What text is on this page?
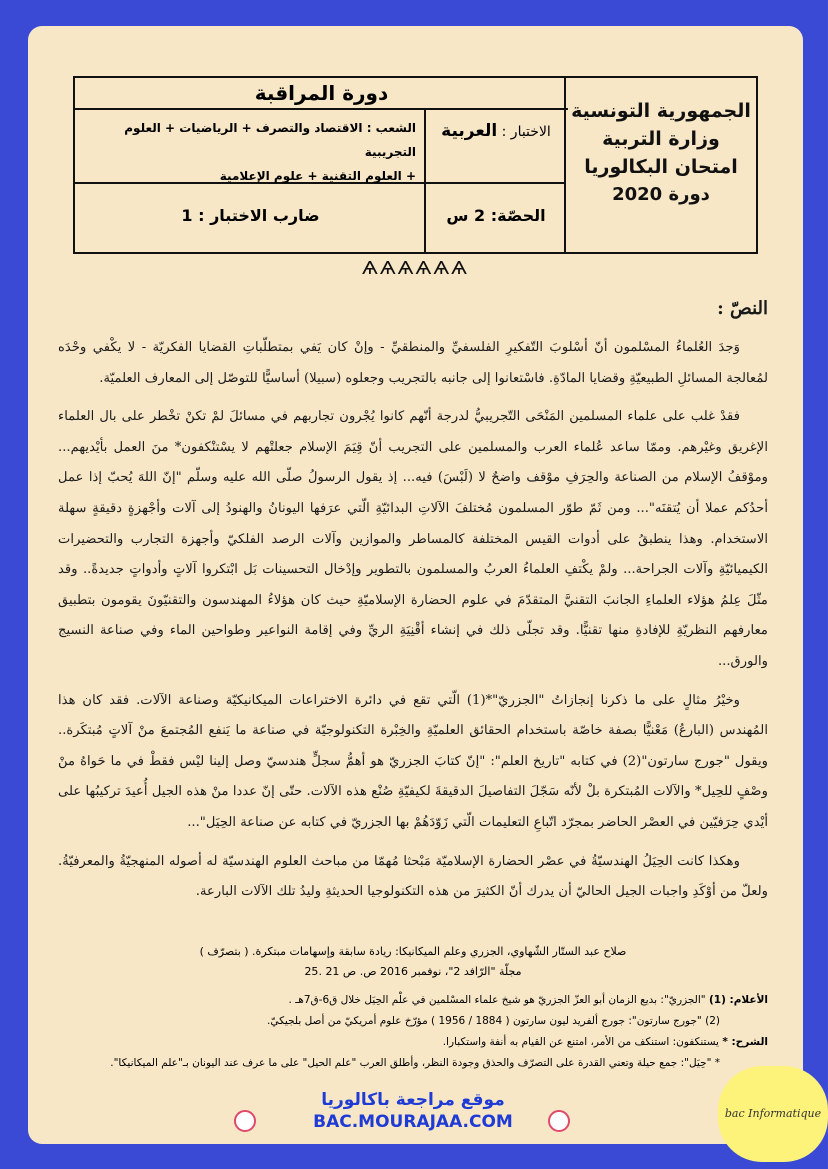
الجمهورية التونسية
وزارة التربية
امتحان البكالوريا
دورة 2020
دورة المراقبة
الاختبار : العربية
الشعب : الاقتصاد والتصرف + الرياضيات + العلوم التجريبية
+ العلوم التقنية + علوم الإعلامية
الحصّة: 2 س
ضارب الاختبار : 1
ѦѦѦѦѦѦ
النصّ :

وَجدَ العُلماءُ المسْلمون أنّ أسْلوبَ التّفكيرِ الفلسفيِّ والمنطقيِّ - وإنْ كان يَفي بمتطلّباتِ القضايا الفكريّة - لا يكْفي وحْدَه لمُعالجة المسائلِ الطبيعيّةِ وقضايا المادّةِ. فاسْتعانوا إلى جانبه بالتجريب وجعلوه (سبيلا) أساسيًّا للتوصّل إلى المعارف العلميّة.

فقدْ غلب على علماء المسلمين المَنْحَى التّجريبيُّ لدرجة أنّهم كانوا يُجْرون تجاربهم في مسائلَ لمْ تكنْ تخْطر على بال العلماء الإغريق وغيْرهم. وممّا ساعد عُلماء العرب والمسلمين على التجريب أنّ قِيَمَ الإسلام جعلتْهم لا يسْتنْكفون* منَ العمل بأيْديهم... وموْقفُ الإسلام من الصناعة والحِرَفِ موْقف واضحٌ لا (لَبْسَ) فيه... إذ يقول الرسولُ صلّى الله عليه وسلّم "إنّ اللهَ يُحبّ إذا عمل أحدُكم عملا أن يُتقنَه"... ومن ثَمّ طوّر المسلمون مُختلفَ الآلاتِ البدائيّةِ الّتي عرَفها اليونانُ والهنودُ إلى آلات وأجْهزةٍ دقيقةٍ سهلة الاستخدام. وهذا ينطبقُ على أدوات القيس المختلفة كالمساطر والموازين وآلات الرصد الفلكيّ وأجهزة التجارب والتحضيرات الكيميائيّةِ وآلات الجراحة... ولمْ يكْتفِ العلماءُ العربُ والمسلمون بالتطوير وإدْخال التحسينات بَل ابْتكروا آلاتٍ وأدواتٍ جديدةً.. وقد مثّلَ عِلمُ هؤلاء العلماءِ الجانبَ التقنيَّ المتقدّمَ في علوم الحضارة الإسلاميّةِ حيث كان هؤلاءُ المهندسون والتقنيّونَ يقومون بتطبيق معارفهم النظريّةِ للإفادةِ منها تقنيًّا. وقد تجلّى ذلك في إنشاء أقْنِيَةِ الريِّ وفي إقامة النواعير وطواحين الماء وفي صناعة النسيج والورق...

وخيْرُ مثالٍ على ما ذكرنا إنجازاتُ "الجزريّ"*(1) الّتي تقع في دائرة الاختراعات الميكانيكيّة وصناعة الآلات. فقد كان هذا المُهندس (البارعُ) مَعْنيًّا بصفة خاصّة باستخدام الحقائق العلميّةِ والخِبْرة التكنولوجيّة في صناعة ما يَنفع المُجتمعَ منْ آلاتٍ مُبتكَرة.. ويقول "جورج سارتون"(2) في كتابه "تاريخ العلم": "إنّ كتابَ الجزريّ هو أهمُّ سجلٍّ هندسيّ وصل إلينا ليْس فقطْ في ما حَواهُ منْ وصْفٍ للحِيل* والآلات المُبتكرة بلْ لأنّه سَجّلَ التفاصيلَ الدقيقةَ لكيفيّةِ صُنْع هذه الآلات. حتّى إنّ عددا منْ هذه الجيل أُعيدَ تركيبُها على أيْدي حِرَفيّين في العصْر الحاضر بمجرّد اتّباعِ التعليمات الّتي زَوّدَهُمْ بها الجزريّ في كتابه عن صناعة الحِيَل"...

وهكذا كانت الحِيَلُ الهندسيّةُ في عصْر الحضارة الإسلاميّة مَبْحثا مُهمّا من مباحث العلوم الهندسيّة له أصوله المنهجيّةُ والمعرفيّةُ. ولعلّ من أوْكَدِ واجبات الجيل الحاليّ أن يدرك أنّ الكثيرَ من هذه التكنولوجيا الحديثةِ وليدُ تلك الآلات البارعة.

صلاح عبد الستّار الشّهاوي، الجزري وعلم الميكانيكا: ريادة سابقة وإسهامات مبتكرة. ( بتصرّف )
مجلّة "الرّافد 2"، نوفمبر 2016 ص. ص 21 .25
الأعلام: (1) "الجزريّ": بديع الزمان أبو العزّ الجزريّ هو شيخ علماء المسْلمين في علْم الحِيَل خلال ق6-ق7هـ .
(2) "جورج سارتون": جورج ألفريد ليون سارتون ( 1884 / 1956 ) مؤرّخ علوم أمريكيّ من أصل بلجيكيّ.
الشرح: * يستنكفون: استنكف من الأمر، امتنع عن القيام به أنفة واستكبارا.
* "حِيَل": جمع حيلة وتعني القدرة على التصرّف والحذق وجودة النظر، وأطلق العرب "علم الحيل" على ما عرف عند اليونان بـ"علم الميكانيكا".
موقع مراجعة باكالوريا
BAC.MOURAJAA.COM	bac Informatique
